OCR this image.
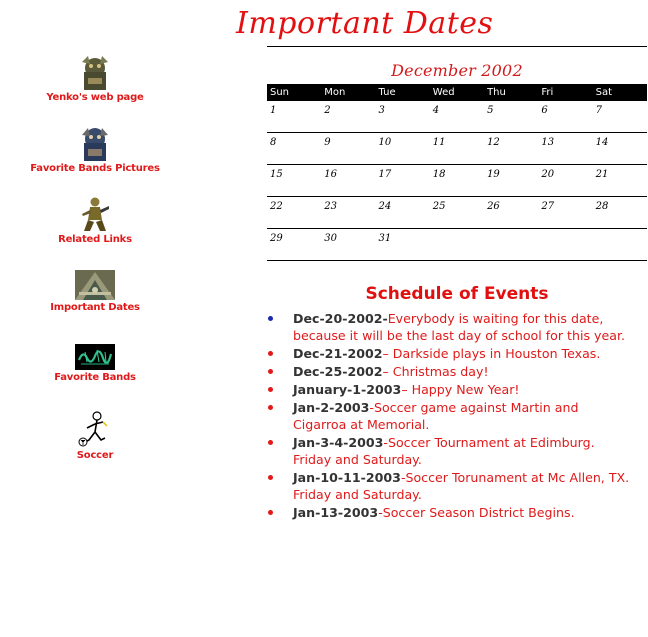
Important Dates
Yenko's web page
Favorite Bands Pictures
Related Links
Important Dates
Favorite Bands
Soccer
December 2002
Sun	Mon	Tue	Wed	Thu	Fri	Sat
1	2	3	4	5	6	7
8	9	10	11	12	13	14
15	16	17	18	19	20	21
22	23	24	25	26	27	28
29	30	31
Schedule of Events
Dec-20-2002-Everybody is waiting for this date, because it will be the last day of school for this year.
Dec-21-2002– Darkside plays in Houston Texas.
Dec-25-2002– Christmas day!
January-1-2003– Happy New Year!
Jan-2-2003-Soccer game against Martin and Cigarroa at Memorial.
Jan-3-4-2003-Soccer Tournament at Edimburg. Friday and Saturday.
Jan-10-11-2003-Soccer Torunament at Mc Allen, TX. Friday and Saturday.
Jan-13-2003-Soccer Season District Begins.
